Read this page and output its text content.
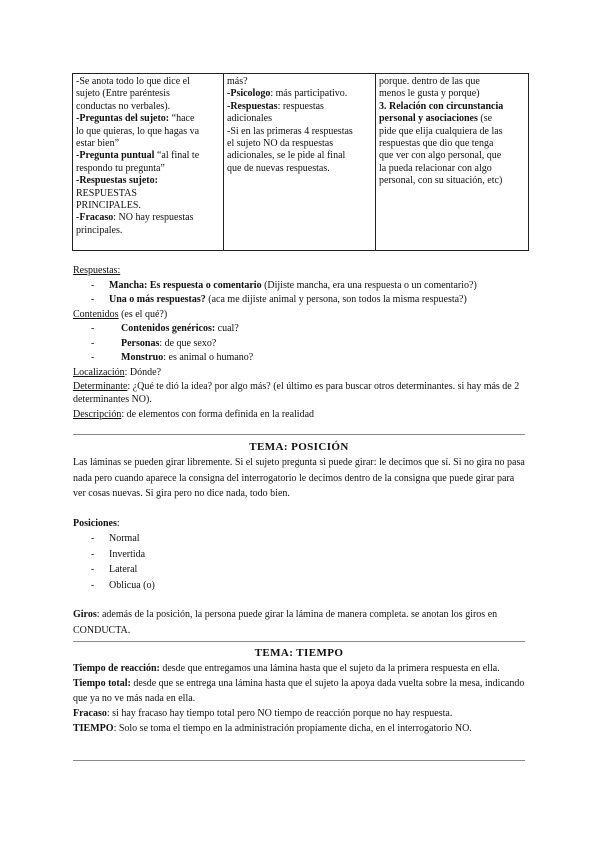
-Se anota todo lo que dice el
sujeto (Entre paréntesis
conductas no verbales).
-Preguntas del sujeto: “hace
lo que quieras, lo que hagas va
estar bien”
-Pregunta puntual “al final te
respondo tu pregunta”
-Respuestas sujeto:
RESPUESTAS
PRINCIPALES.
-Fracaso: NO hay respuestas
principales.

más?
-Psicologo: más participativo.
-Respuestas: respuestas
adicionales
-Si en las primeras 4 respuestas
el sujeto NO da respuestas
adicionales, se le pide al final
que de nuevas respuestas.

porque. dentro de las que
menos le gusta y porque)
3. Relación con circunstancia
personal y asociaciones (se
pide que elija cualquiera de las
respuestas que dio que tenga
que ver con algo personal, que
la pueda relacionar con algo
personal, con su situación, etc)

Respuestas:

- Mancha: Es respuesta o comentario (Dijiste mancha, era una respuesta o un comentario?)
- Una o más respuestas? (aca me dijiste animal y persona, son todos la misma respuesta?)

Contenidos (es el qué?)

-	Contenidos genéricos: cual?
-	Personas: de que sexo?
-	Monstruo: es animal o humano?

Localización: Dónde?

Determinante: ¿Qué te dió la idea? por algo más? (el último es para buscar otros determinantes. si hay más de 2 determinantes NO).

Descripción: de elementos con forma definida en la realidad

TEMA: POSICIÓN

Las láminas se pueden girar libremente. Si el sujeto pregunta si puede girar: le decimos que sí. Si no gira no pasa nada pero cuando aparece la consigna del interrogatorio le decimos dentro de la consigna que puede girar para ver cosas nuevas. Si gira pero no dice nada, todo bien.

Posiciones:

- Normal
- Invertida
- Lateral
- Oblicua (o)

Giros: además de la posición, la persona puede girar la lámina de manera completa. se anotan los giros en CONDUCTA.

TEMA: TIEMPO

Tiempo de reacción: desde que entregamos una lámina hasta que el sujeto da la primera respuesta en ella.

Tiempo total: desde que se entrega una lámina hasta que el sujeto la apoya dada vuelta sobre la mesa, indicando que ya no ve más nada en ella.

Fracaso: si hay fracaso hay tiempo total pero NO tiempo de reacción porque no hay respuesta.

TIEMPO: Solo se toma el tiempo en la administración propiamente dicha, en el interrogatorio NO.
